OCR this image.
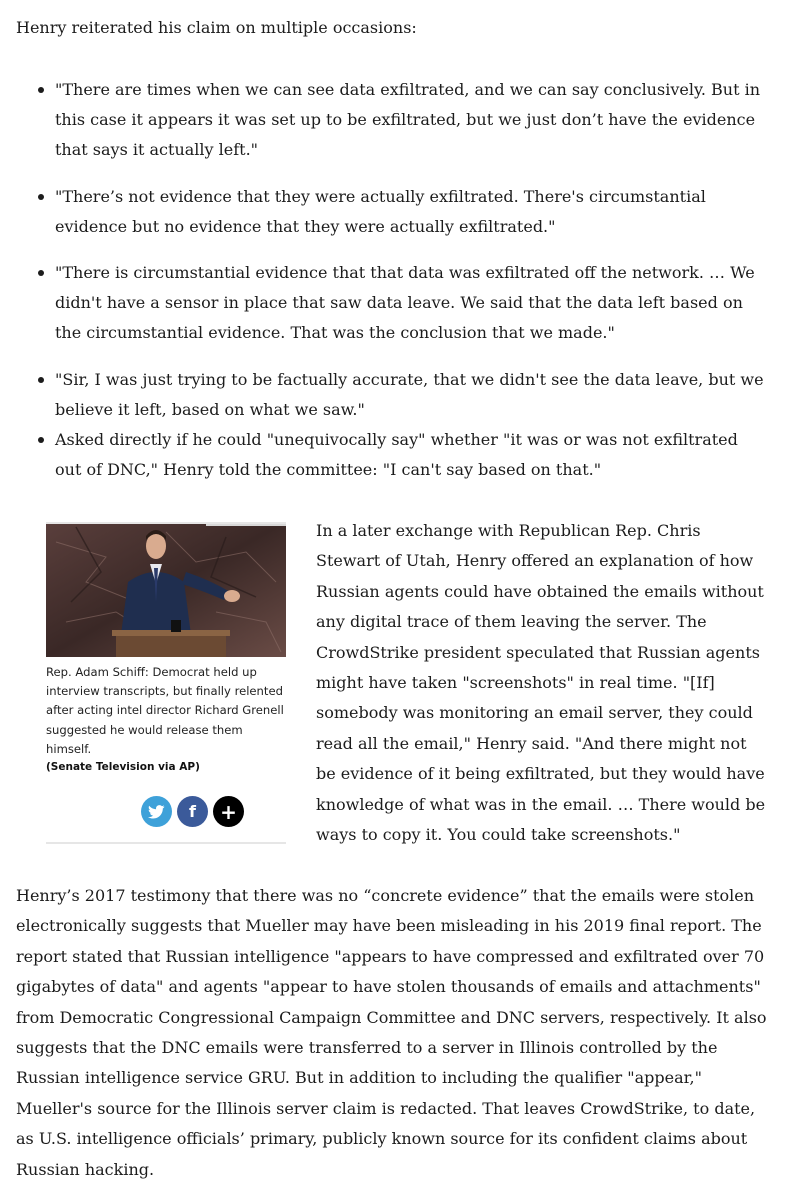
Henry reiterated his claim on multiple occasions:

"There are times when we can see data exfiltrated, and we can say conclusively. But in this case it appears it was set up to be exfiltrated, but we just don’t have the evidence that says it actually left."
"There’s not evidence that they were actually exfiltrated. There's circumstantial evidence but no evidence that they were actually exfiltrated."
"There is circumstantial evidence that that data was exfiltrated off the network. … We didn't have a sensor in place that saw data leave. We said that the data left based on the circumstantial evidence. That was the conclusion that we made."
"Sir, I was just trying to be factually accurate, that we didn't see the data leave, but we believe it left, based on what we saw."
Asked directly if he could "unequivocally say" whether "it was or was not exfiltrated out of DNC," Henry told the committee: "I can't say based on that."
Rep. Adam Schiff: Democrat held up interview transcripts, but finally relented after acting intel director Richard Grenell suggested he would release them himself.
(Senate Television via AP)
f +

In a later exchange with Republican Rep. Chris Stewart of Utah, Henry offered an explanation of how Russian agents could have obtained the emails without any digital trace of them leaving the server. The CrowdStrike president speculated that Russian agents might have taken "screenshots" in real time. "[If] somebody was monitoring an email server, they could read all the email," Henry said. "And there might not be evidence of it being exfiltrated, but they would have knowledge of what was in the email. … There would be ways to copy it. You could take screenshots."

Henry’s 2017 testimony that there was no “concrete evidence” that the emails were stolen electronically suggests that Mueller may have been misleading in his 2019 final report. The report stated that Russian intelligence "appears to have compressed and exfiltrated over 70 gigabytes of data" and agents "appear to have stolen thousands of emails and attachments" from Democratic Congressional Campaign Committee and DNC servers, respectively. It also suggests that the DNC emails were transferred to a server in Illinois controlled by the Russian intelligence service GRU. But in addition to including the qualifier "appear," Mueller's source for the Illinois server claim is redacted. That leaves CrowdStrike, to date, as U.S. intelligence officials’ primary, publicly known source for its confident claims about Russian hacking.
